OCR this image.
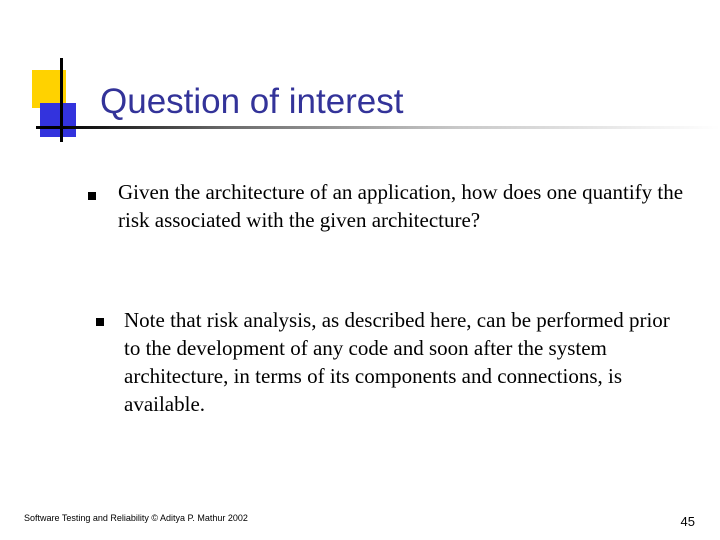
Question of interest

Given the architecture of an application, how does one quantify the risk associated with the given architecture?

Note that risk analysis, as described here, can be performed prior to the development of any code and soon after the system architecture, in terms of its components and connections, is available.

Software Testing and Reliability © Aditya P. Mathur 2002	45
